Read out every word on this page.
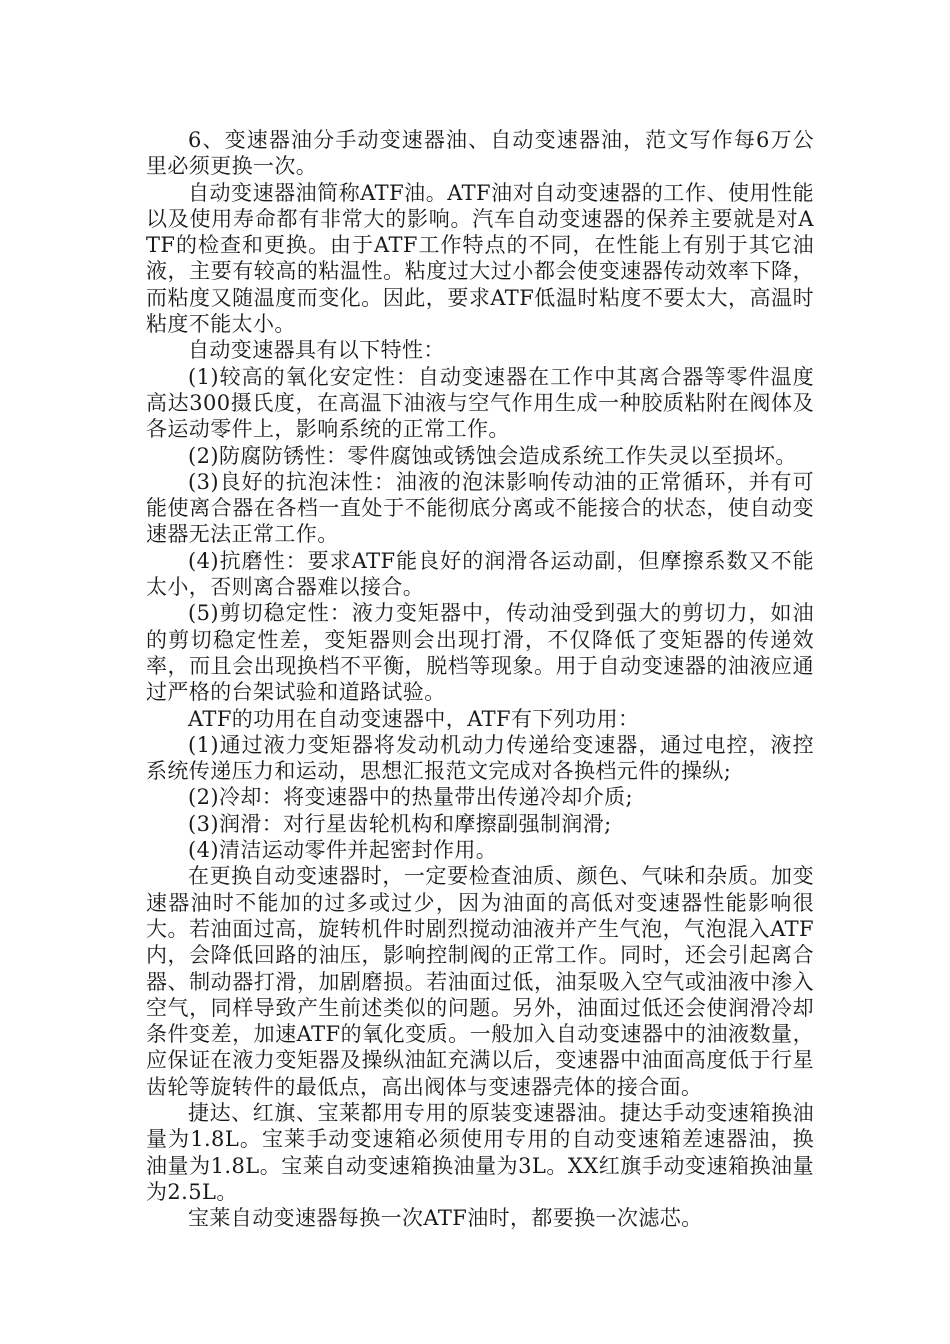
6、变速器油分手动变速器油、自动变速器油，范文写作每6万公里必须更换一次。

自动变速器油简称ATF油。ATF油对自动变速器的工作、使用性能以及使用寿命都有非常大的影响。汽车自动变速器的保养主要就是对ATF的检查和更换。由于ATF工作特点的不同，在性能上有别于其它油液，主要有较高的粘温性。粘度过大过小都会使变速器传动效率下降，而粘度又随温度而变化。因此，要求ATF低温时粘度不要太大，高温时粘度不能太小。

自动变速器具有以下特性：

(1)较高的氧化安定性：自动变速器在工作中其离合器等零件温度高达300摄氏度，在高温下油液与空气作用生成一种胶质粘附在阀体及各运动零件上，影响系统的正常工作。

(2)防腐防锈性：零件腐蚀或锈蚀会造成系统工作失灵以至损坏。

(3)良好的抗泡沫性：油液的泡沫影响传动油的正常循环，并有可能使离合器在各档一直处于不能彻底分离或不能接合的状态，使自动变速器无法正常工作。

(4)抗磨性：要求ATF能良好的润滑各运动副，但摩擦系数又不能太小，否则离合器难以接合。

(5)剪切稳定性：液力变矩器中，传动油受到强大的剪切力，如油的剪切稳定性差，变矩器则会出现打滑，不仅降低了变矩器的传递效率，而且会出现换档不平衡，脱档等现象。用于自动变速器的油液应通过严格的台架试验和道路试验。

ATF的功用在自动变速器中，ATF有下列功用：

(1)通过液力变矩器将发动机动力传递给变速器，通过电控，液控系统传递压力和运动，思想汇报范文完成对各换档元件的操纵;

(2)冷却：将变速器中的热量带出传递冷却介质;

(3)润滑：对行星齿轮机构和摩擦副强制润滑;

(4)清洁运动零件并起密封作用。

在更换自动变速器时，一定要检查油质、颜色、气味和杂质。加变速器油时不能加的过多或过少，因为油面的高低对变速器性能影响很大。若油面过高，旋转机件时剧烈搅动油液并产生气泡，气泡混入ATF内，会降低回路的油压，影响控制阀的正常工作。同时，还会引起离合器、制动器打滑，加剧磨损。若油面过低，油泵吸入空气或油液中渗入空气，同样导致产生前述类似的问题。另外，油面过低还会使润滑冷却条件变差，加速ATF的氧化变质。一般加入自动变速器中的油液数量，应保证在液力变矩器及操纵油缸充满以后，变速器中油面高度低于行星齿轮等旋转件的最低点，高出阀体与变速器壳体的接合面。

捷达、红旗、宝莱都用专用的原装变速器油。捷达手动变速箱换油量为1.8L。宝莱手动变速箱必须使用专用的自动变速箱差速器油，换油量为1.8L。宝莱自动变速箱换油量为3L。XX红旗手动变速箱换油量为2.5L。

宝莱自动变速器每换一次ATF油时，都要换一次滤芯。
